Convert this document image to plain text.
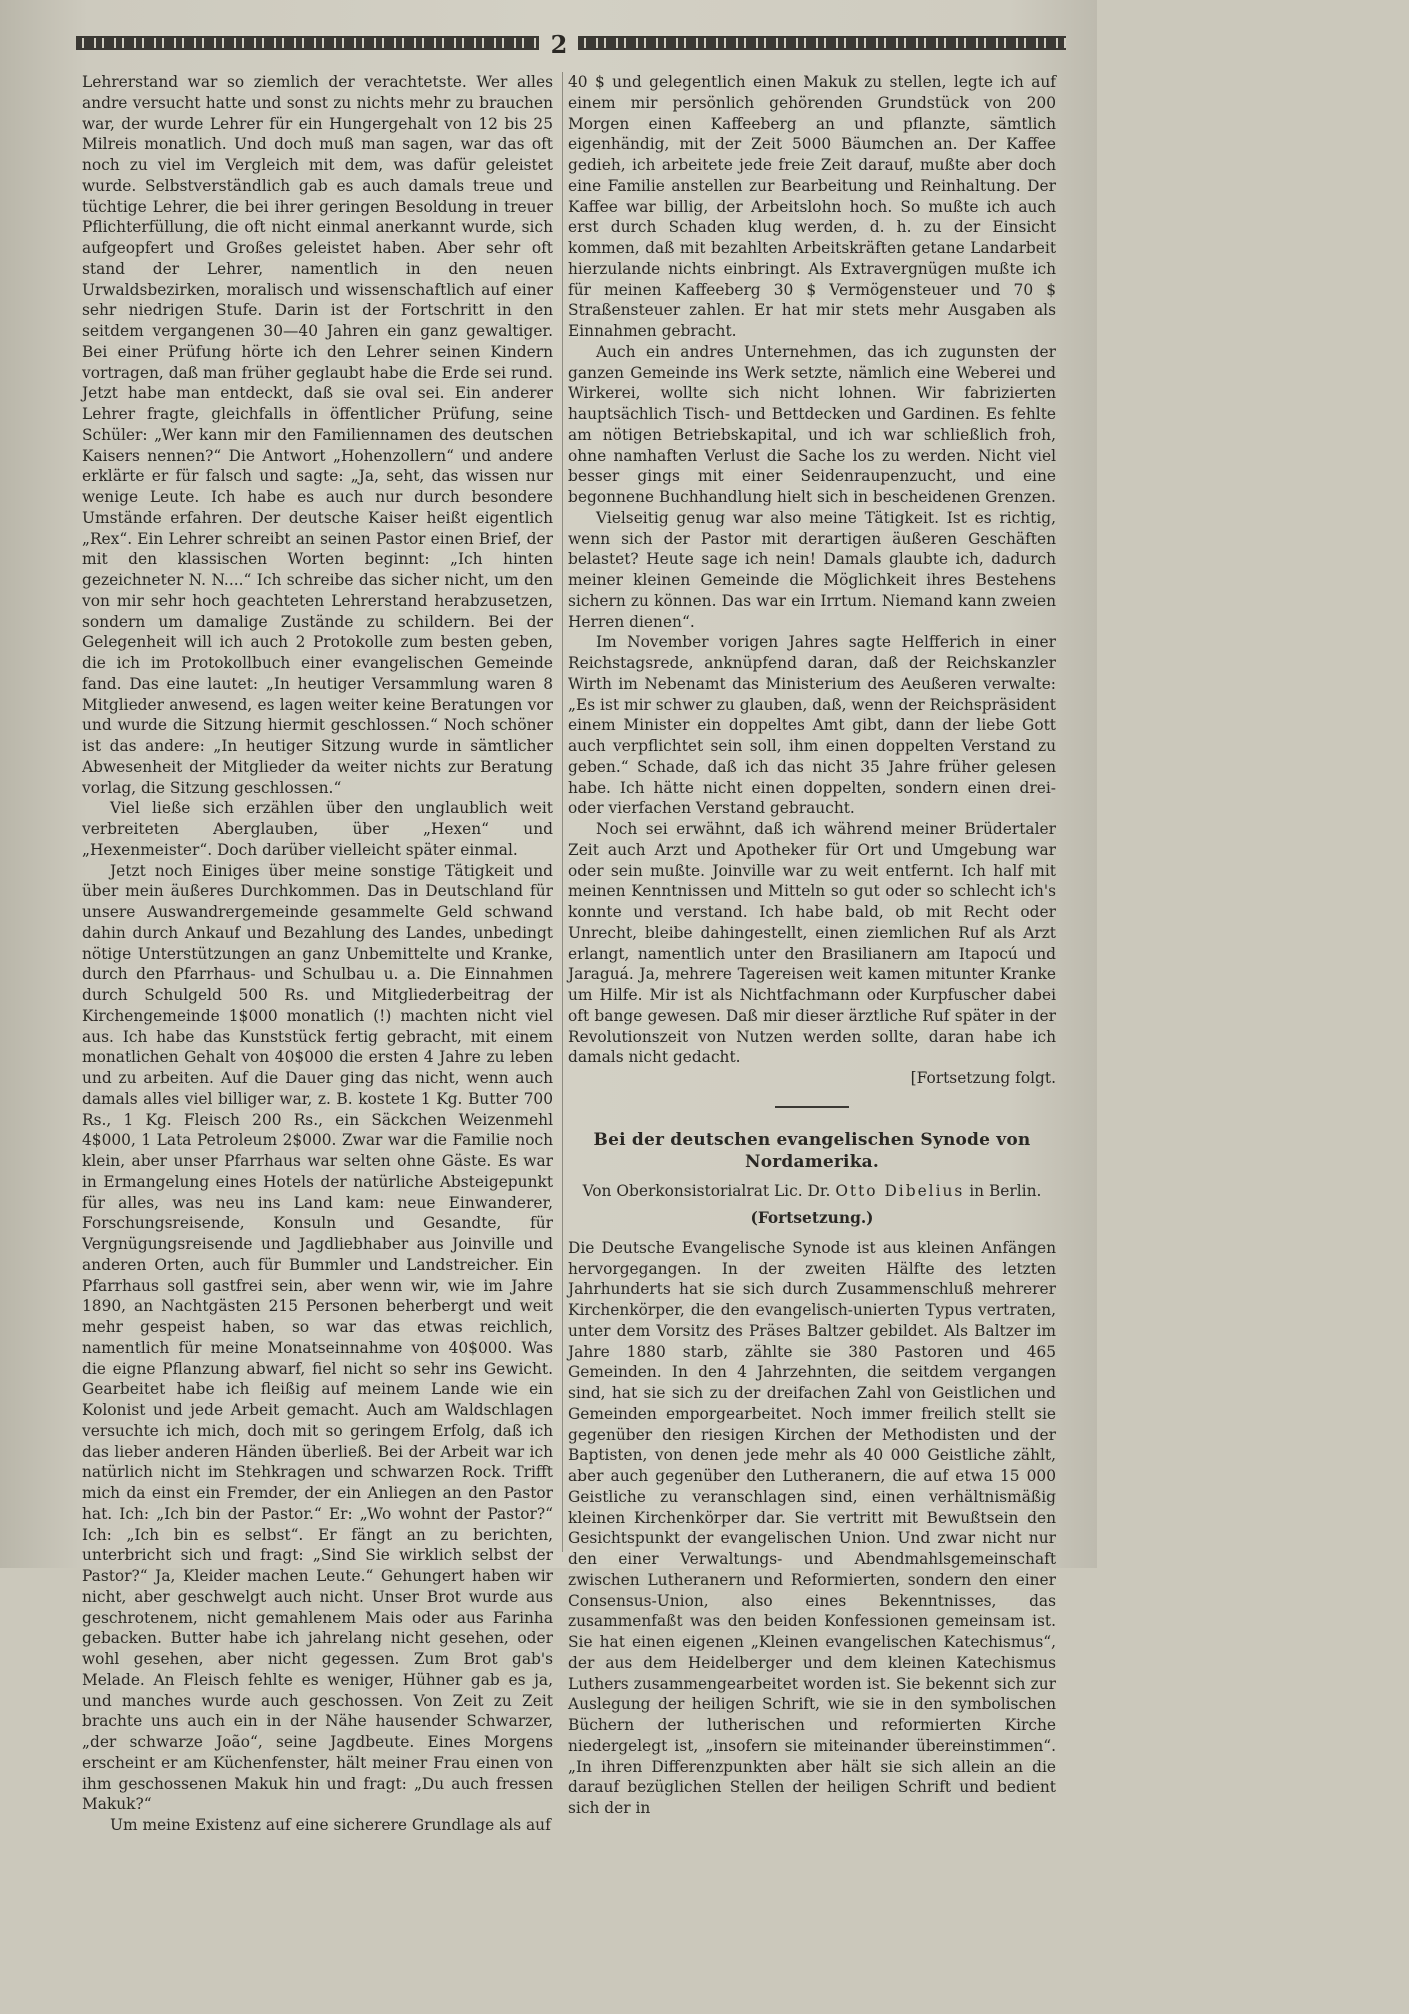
2

Lehrerstand war so ziemlich der verachtetste. Wer alles andre versucht hatte und sonst zu nichts mehr zu brauchen war, der wurde Lehrer für ein Hungergehalt von 12 bis 25 Milreis monatlich. Und doch muß man sagen, war das oft noch zu viel im Vergleich mit dem, was dafür geleistet wurde. Selbstverständlich gab es auch damals treue und tüchtige Lehrer, die bei ihrer geringen Besoldung in treuer Pflichterfüllung, die oft nicht einmal anerkannt wurde, sich aufgeopfert und Großes geleistet haben. Aber sehr oft stand der Lehrer, namentlich in den neuen Urwaldsbezirken, moralisch und wissenschaftlich auf einer sehr niedrigen Stufe. Darin ist der Fortschritt in den seitdem vergangenen 30—40 Jahren ein ganz gewaltiger. Bei einer Prüfung hörte ich den Lehrer seinen Kindern vortragen, daß man früher geglaubt habe die Erde sei rund. Jetzt habe man entdeckt, daß sie oval sei. Ein anderer Lehrer fragte, gleichfalls in öffentlicher Prüfung, seine Schüler: „Wer kann mir den Familiennamen des deutschen Kaisers nennen?“ Die Antwort „Hohenzollern“ und andere erklärte er für falsch und sagte: „Ja, seht, das wissen nur wenige Leute. Ich habe es auch nur durch besondere Umstände erfahren. Der deutsche Kaiser heißt eigentlich „Rex“. Ein Lehrer schreibt an seinen Pastor einen Brief, der mit den klassischen Worten beginnt: „Ich hinten gezeichneter N. N....“ Ich schreibe das sicher nicht, um den von mir sehr hoch geachteten Lehrerstand herabzusetzen, sondern um damalige Zustände zu schildern. Bei der Gelegenheit will ich auch 2 Protokolle zum besten geben, die ich im Protokollbuch einer evangelischen Gemeinde fand. Das eine lautet: „In heutiger Versammlung waren 8 Mitglieder anwesend, es lagen weiter keine Beratungen vor und wurde die Sitzung hiermit geschlossen.“ Noch schöner ist das andere: „In heutiger Sitzung wurde in sämtlicher Abwesenheit der Mitglieder da weiter nichts zur Beratung vorlag, die Sitzung geschlossen.“

Viel ließe sich erzählen über den unglaublich weit verbreiteten Aberglauben, über „Hexen“ und „Hexenmeister“. Doch darüber vielleicht später einmal.

Jetzt noch Einiges über meine sonstige Tätigkeit und über mein äußeres Durchkommen. Das in Deutschland für unsere Auswandrergemeinde gesammelte Geld schwand dahin durch Ankauf und Bezahlung des Landes, unbedingt nötige Unterstützungen an ganz Unbemittelte und Kranke, durch den Pfarrhaus- und Schulbau u. a. Die Einnahmen durch Schulgeld 500 Rs. und Mitgliederbeitrag der Kirchengemeinde 1$000 monatlich (!) machten nicht viel aus. Ich habe das Kunststück fertig gebracht, mit einem monatlichen Gehalt von 40$000 die ersten 4 Jahre zu leben und zu arbeiten. Auf die Dauer ging das nicht, wenn auch damals alles viel billiger war, z. B. kostete 1 Kg. Butter 700 Rs., 1 Kg. Fleisch 200 Rs., ein Säckchen Weizenmehl 4$000, 1 Lata Petroleum 2$000. Zwar war die Familie noch klein, aber unser Pfarrhaus war selten ohne Gäste. Es war in Ermangelung eines Hotels der natürliche Absteigepunkt für alles, was neu ins Land kam: neue Einwanderer, Forschungsreisende, Konsuln und Gesandte, für Vergnügungsreisende und Jagdliebhaber aus Joinville und anderen Orten, auch für Bummler und Landstreicher. Ein Pfarrhaus soll gastfrei sein, aber wenn wir, wie im Jahre 1890, an Nachtgästen 215 Personen beherbergt und weit mehr gespeist haben, so war das etwas reichlich, namentlich für meine Monatseinnahme von 40$000. Was die eigne Pflanzung abwarf, fiel nicht so sehr ins Gewicht. Gearbeitet habe ich fleißig auf meinem Lande wie ein Kolonist und jede Arbeit gemacht. Auch am Waldschlagen versuchte ich mich, doch mit so geringem Erfolg, daß ich das lieber anderen Händen überließ. Bei der Arbeit war ich natürlich nicht im Stehkragen und schwarzen Rock. Trifft mich da einst ein Fremder, der ein Anliegen an den Pastor hat. Ich: „Ich bin der Pastor.“ Er: „Wo wohnt der Pastor?“ Ich: „Ich bin es selbst“. Er fängt an zu berichten, unterbricht sich und fragt: „Sind Sie wirklich selbst der Pastor?“ Ja, Kleider machen Leute.“ Gehungert haben wir nicht, aber geschwelgt auch nicht. Unser Brot wurde aus geschrotenem, nicht gemahlenem Mais oder aus Farinha gebacken. Butter habe ich jahrelang nicht gesehen, oder wohl gesehen, aber nicht gegessen. Zum Brot gab's Melade. An Fleisch fehlte es weniger, Hühner gab es ja, und manches wurde auch geschossen. Von Zeit zu Zeit brachte uns auch ein in der Nähe hausender Schwarzer, „der schwarze João“, seine Jagdbeute. Eines Morgens erscheint er am Küchenfenster, hält meiner Frau einen von ihm geschossenen Makuk hin und fragt: „Du auch fressen Makuk?“

Um meine Existenz auf eine sicherere Grundlage als auf

40 $ und gelegentlich einen Makuk zu stellen, legte ich auf einem mir persönlich gehörenden Grundstück von 200 Morgen einen Kaffeeberg an und pflanzte, sämtlich eigenhändig, mit der Zeit 5000 Bäumchen an. Der Kaffee gedieh, ich arbeitete jede freie Zeit darauf, mußte aber doch eine Familie anstellen zur Bearbeitung und Reinhaltung. Der Kaffee war billig, der Arbeitslohn hoch. So mußte ich auch erst durch Schaden klug werden, d. h. zu der Einsicht kommen, daß mit bezahlten Arbeitskräften getane Landarbeit hierzulande nichts einbringt. Als Extravergnügen mußte ich für meinen Kaffeeberg 30 $ Vermögensteuer und 70 $ Straßensteuer zahlen. Er hat mir stets mehr Ausgaben als Einnahmen gebracht.

Auch ein andres Unternehmen, das ich zugunsten der ganzen Gemeinde ins Werk setzte, nämlich eine Weberei und Wirkerei, wollte sich nicht lohnen. Wir fabrizierten hauptsächlich Tisch- und Bettdecken und Gardinen. Es fehlte am nötigen Betriebskapital, und ich war schließlich froh, ohne namhaften Verlust die Sache los zu werden. Nicht viel besser gings mit einer Seidenraupenzucht, und eine begonnene Buchhandlung hielt sich in bescheidenen Grenzen.

Vielseitig genug war also meine Tätigkeit. Ist es richtig, wenn sich der Pastor mit derartigen äußeren Geschäften belastet? Heute sage ich nein! Damals glaubte ich, dadurch meiner kleinen Gemeinde die Möglichkeit ihres Bestehens sichern zu können. Das war ein Irrtum. Niemand kann zweien Herren dienen“.

Im November vorigen Jahres sagte Helfferich in einer Reichstagsrede, anknüpfend daran, daß der Reichskanzler Wirth im Nebenamt das Ministerium des Aeußeren verwalte: „Es ist mir schwer zu glauben, daß, wenn der Reichspräsident einem Minister ein doppeltes Amt gibt, dann der liebe Gott auch verpflichtet sein soll, ihm einen doppelten Verstand zu geben.“ Schade, daß ich das nicht 35 Jahre früher gelesen habe. Ich hätte nicht einen doppelten, sondern einen drei- oder vierfachen Verstand gebraucht.

Noch sei erwähnt, daß ich während meiner Brüdertaler Zeit auch Arzt und Apotheker für Ort und Umgebung war oder sein mußte. Joinville war zu weit entfernt. Ich half mit meinen Kenntnissen und Mitteln so gut oder so schlecht ich's konnte und verstand. Ich habe bald, ob mit Recht oder Unrecht, bleibe dahingestellt, einen ziemlichen Ruf als Arzt erlangt, namentlich unter den Brasilianern am Itapocú und Jaraguá. Ja, mehrere Tagereisen weit kamen mitunter Kranke um Hilfe. Mir ist als Nichtfachmann oder Kurpfuscher dabei oft bange gewesen. Daß mir dieser ärztliche Ruf später in der Revolutionszeit von Nutzen werden sollte, daran habe ich damals nicht gedacht.
[Fortsetzung folgt.

Bei der deutschen evangelischen Synode von Nordamerika.

Von Oberkonsistorialrat Lic. Dr. Otto Dibelius in Berlin.

(Fortsetzung.)

Die Deutsche Evangelische Synode ist aus kleinen Anfängen hervorgegangen. In der zweiten Hälfte des letzten Jahrhunderts hat sie sich durch Zusammenschluß mehrerer Kirchenkörper, die den evangelisch-unierten Typus vertraten, unter dem Vorsitz des Präses Baltzer gebildet. Als Baltzer im Jahre 1880 starb, zählte sie 380 Pastoren und 465 Gemeinden. In den 4 Jahrzehnten, die seitdem vergangen sind, hat sie sich zu der dreifachen Zahl von Geistlichen und Gemeinden emporgearbeitet. Noch immer freilich stellt sie gegenüber den riesigen Kirchen der Methodisten und der Baptisten, von denen jede mehr als 40 000 Geistliche zählt, aber auch gegenüber den Lutheranern, die auf etwa 15 000 Geistliche zu veranschlagen sind, einen verhältnismäßig kleinen Kirchenkörper dar. Sie vertritt mit Bewußtsein den Gesichtspunkt der evangelischen Union. Und zwar nicht nur den einer Verwaltungs- und Abendmahlsgemeinschaft zwischen Lutheranern und Reformierten, sondern den einer Consensus-Union, also eines Bekenntnisses, das zusammenfaßt was den beiden Konfessionen gemeinsam ist. Sie hat einen eigenen „Kleinen evangelischen Katechismus“, der aus dem Heidelberger und dem kleinen Katechismus Luthers zusammengearbeitet worden ist. Sie bekennt sich zur Auslegung der heiligen Schrift, wie sie in den symbolischen Büchern der lutherischen und reformierten Kirche niedergelegt ist, „insofern sie miteinander übereinstimmen“. „In ihren Differenzpunkten aber hält sie sich allein an die darauf bezüglichen Stellen der heiligen Schrift und bedient sich der in
